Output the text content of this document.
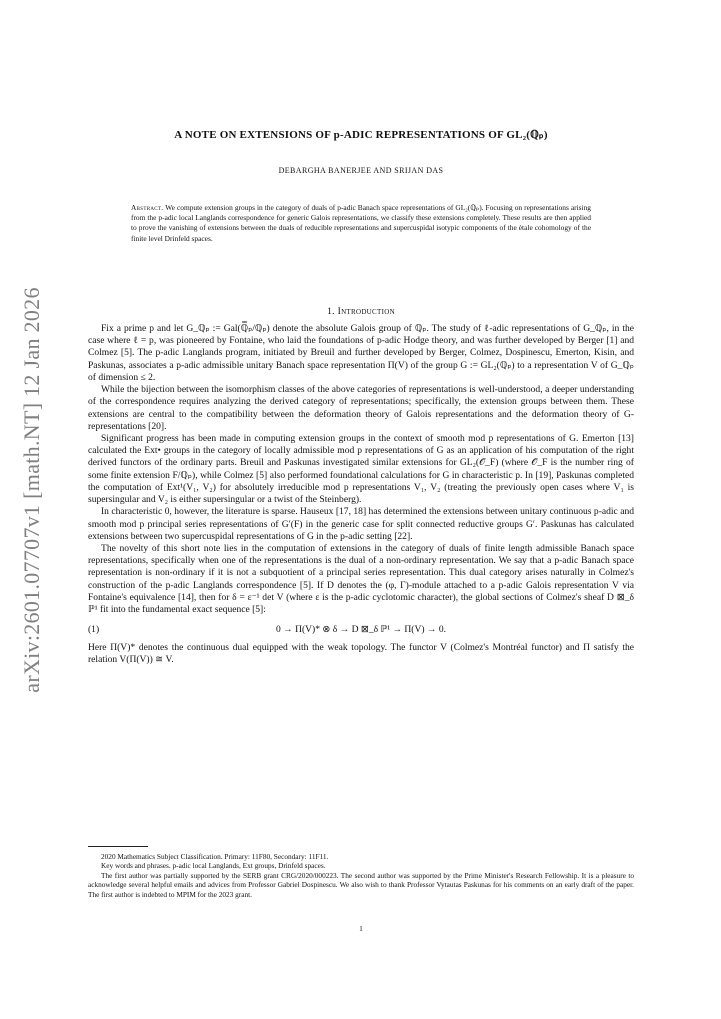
arXiv:2601.07707v1 [math.NT] 12 Jan 2026
A NOTE ON EXTENSIONS OF p-ADIC REPRESENTATIONS OF GL₂(ℚₚ)
DEBARGHA BANERJEE AND SRIJAN DAS
Abstract. We compute extension groups in the category of duals of p-adic Banach space representations of GL₂(ℚₚ). Focusing on representations arising from the p-adic local Langlands correspondence for generic Galois representations, we classify these extensions completely. These results are then applied to prove the vanishing of extensions between the duals of reducible representations and supercuspidal isotypic components of the ètale cohomology of the finite level Drinfeld spaces.
1. Introduction

Fix a prime p and let G_ℚₚ := Gal(ℚ̅ₚ/ℚₚ) denote the absolute Galois group of ℚₚ. The study of ℓ-adic representations of G_ℚₚ, in the case where ℓ = p, was pioneered by Fontaine, who laid the foundations of p-adic Hodge theory, and was further developed by Berger [1] and Colmez [5]. The p-adic Langlands program, initiated by Breuil and further developed by Berger, Colmez, Dospinescu, Emerton, Kisin, and Paskunas, associates a p-adic admissible unitary Banach space representation Π(V) of the group G := GL₂(ℚₚ) to a representation V of G_ℚₚ of dimension ≤ 2.

While the bijection between the isomorphism classes of the above categories of representations is well-understood, a deeper understanding of the correspondence requires analyzing the derived category of representations; specifically, the extension groups between them. These extensions are central to the compatibility between the deformation theory of Galois representations and the deformation theory of G-representations [20].

Significant progress has been made in computing extension groups in the context of smooth mod p representations of G. Emerton [13] calculated the Ext• groups in the category of locally admissible mod p representations of G as an application of his computation of the right derived functors of the ordinary parts. Breuil and Paskunas investigated similar extensions for GL₂(𝒪_F) (where 𝒪_F is the number ring of some finite extension F/ℚₚ), while Colmez [5] also performed foundational calculations for G in characteristic p. In [19], Paskunas completed the computation of Ext¹(V₁, V₂) for absolutely irreducible mod p representations V₁, V₂ (treating the previously open cases where V₁ is supersingular and V₂ is either supersingular or a twist of the Steinberg).

In characteristic 0, however, the literature is sparse. Hauseux [17, 18] has determined the extensions between unitary continuous p-adic and smooth mod p principal series representations of G′(F) in the generic case for split connected reductive groups G′. Paskunas has calculated extensions between two supercuspidal representations of G in the p-adic setting [22].

The novelty of this short note lies in the computation of extensions in the category of duals of finite length admissible Banach space representations, specifically when one of the representations is the dual of a non-ordinary representation. We say that a p-adic Banach space representation is non-ordinary if it is not a subquotient of a principal series representation. This dual category arises naturally in Colmez's construction of the p-adic Langlands correspondence [5]. If D denotes the (φ, Γ)-module attached to a p-adic Galois representation V via Fontaine's equivalence [14], then for δ = ε⁻¹ det V (where ε is the p-adic cyclotomic character), the global sections of Colmez's sheaf D ⊠_δ ℙ¹ fit into the fundamental exact sequence [5]:

(1)	0 → Π(V)* ⊗ δ → D ⊠_δ ℙ¹ → Π(V) → 0.

Here Π(V)* denotes the continuous dual equipped with the weak topology. The functor V (Colmez's Montréal functor) and Π satisfy the relation V(Π(V)) ≅ V.

2020 Mathematics Subject Classification. Primary: 11F80, Secondary: 11F11.

Key words and phrases. p-adic local Langlands, Ext groups, Drinfeld spaces.

The first author was partially supported by the SERB grant CRG/2020/000223. The second author was supported by the Prime Minister's Research Fellowship. It is a pleasure to acknowledge several helpful emails and advices from Professor Gabriel Dospinescu. We also wish to thank Professor Vytautas Paskunas for his comments on an early draft of the paper. The first author is indebted to MPIM for the 2023 grant.

1
